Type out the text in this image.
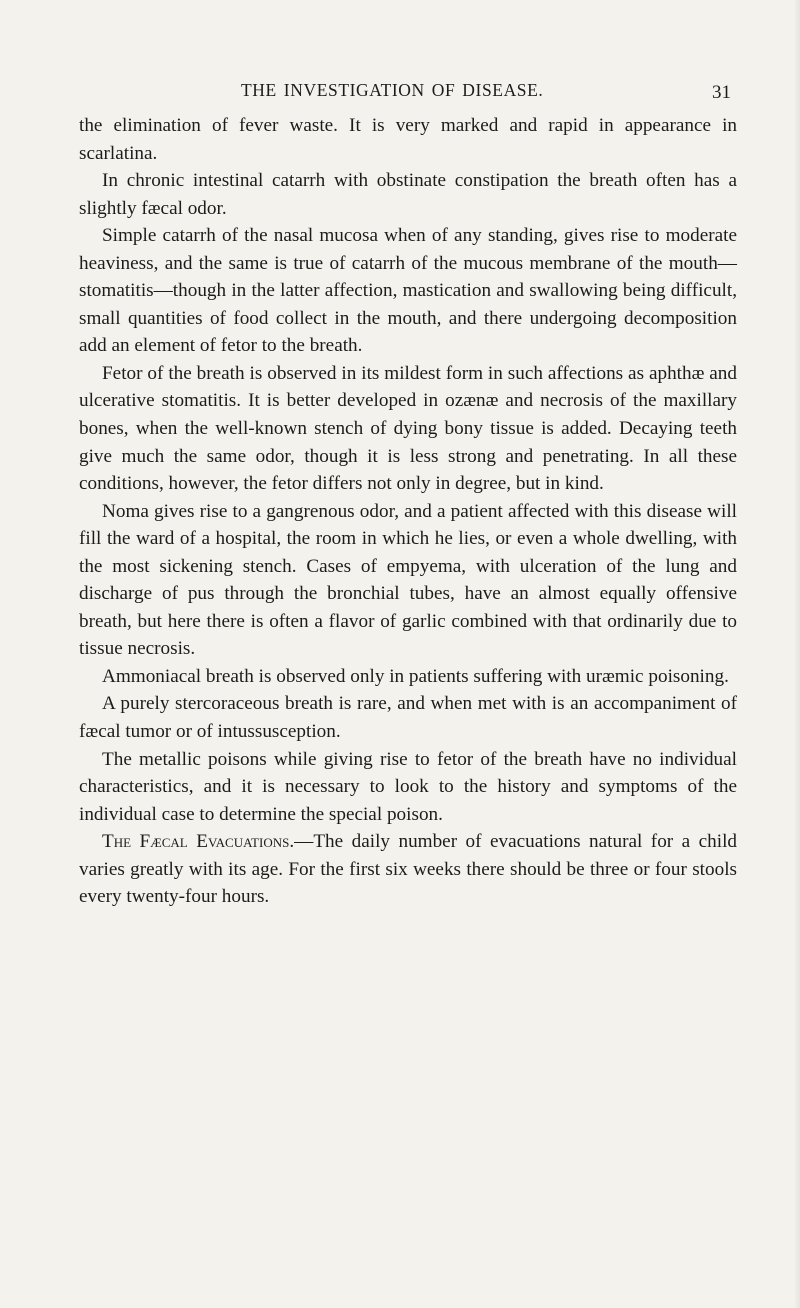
THE INVESTIGATION OF DISEASE.	31

the elimination of fever waste. It is very marked and rapid in appearance in scarlatina.

In chronic intestinal catarrh with obstinate constipation the breath often has a slightly fæcal odor.

Simple catarrh of the nasal mucosa when of any standing, gives rise to moderate heaviness, and the same is true of catarrh of the mucous membrane of the mouth—stomatitis—though in the latter affection, mastication and swallowing being difficult, small quantities of food collect in the mouth, and there undergoing decomposition add an element of fetor to the breath.

Fetor of the breath is observed in its mildest form in such affections as aphthæ and ulcerative stomatitis. It is better developed in ozænæ and necrosis of the maxillary bones, when the well-known stench of dying bony tissue is added. Decaying teeth give much the same odor, though it is less strong and penetrating. In all these conditions, however, the fetor differs not only in degree, but in kind.

Noma gives rise to a gangrenous odor, and a patient affected with this disease will fill the ward of a hospital, the room in which he lies, or even a whole dwelling, with the most sickening stench. Cases of empyema, with ulceration of the lung and discharge of pus through the bronchial tubes, have an almost equally offensive breath, but here there is often a flavor of garlic combined with that ordinarily due to tissue necrosis.

Ammoniacal breath is observed only in patients suffering with uræmic poisoning.

A purely stercoraceous breath is rare, and when met with is an accompaniment of fæcal tumor or of intussusception.

The metallic poisons while giving rise to fetor of the breath have no individual characteristics, and it is necessary to look to the history and symptoms of the individual case to determine the special poison.

The Fæcal Evacuations.—The daily number of evacuations natural for a child varies greatly with its age. For the first six weeks there should be three or four stools every twenty-four hours.
